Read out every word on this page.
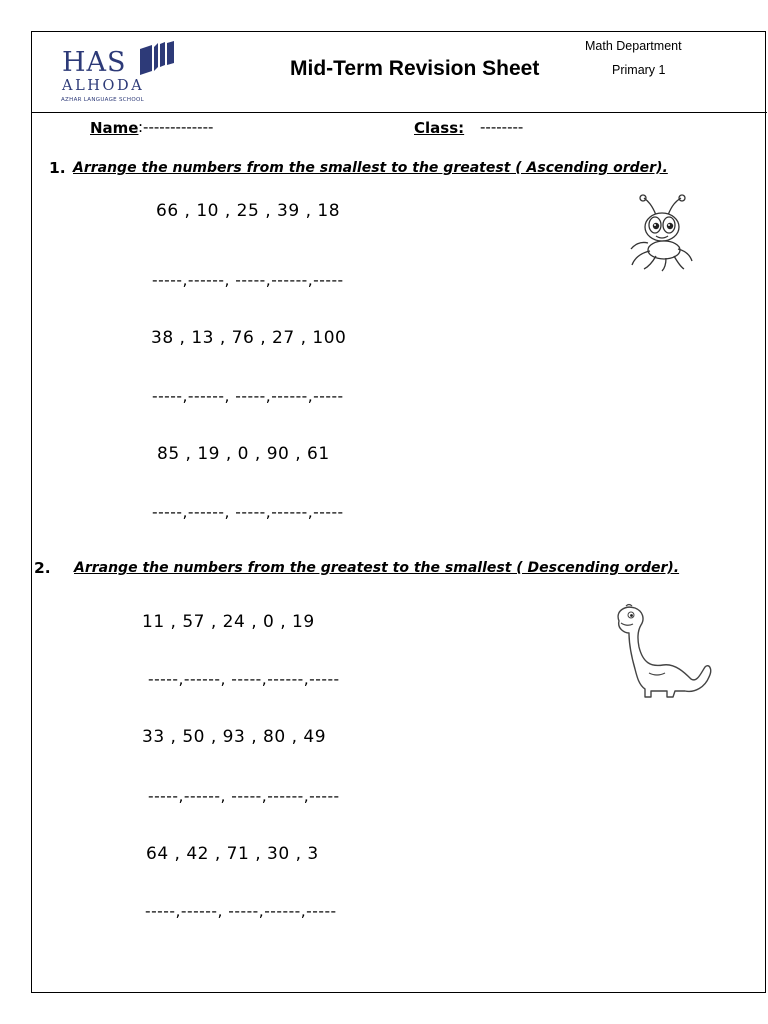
HAS
ALHODA
AZHAR LANGUAGE SCHOOL
Mid-Term Revision Sheet
Math Department
Primary 1
Name :-------------	Class: --------
1. Arrange the numbers from the smallest to the greatest ( Ascending order).
66 , 10 , 25 , 39 , 18
-----,------, -----,------,-----
38 , 13 , 76 , 27 , 100
-----,------, -----,------,-----
85 , 19 , 0 , 90 , 61
-----,------, -----,------,-----
2. Arrange the numbers from the greatest to the smallest ( Descending order).
11 , 57 , 24 , 0 , 19
-----,------, -----,------,-----
33 , 50 , 93 , 80 , 49
-----,------, -----,------,-----
64 , 42 , 71 , 30 , 3
-----,------, -----,------,-----
